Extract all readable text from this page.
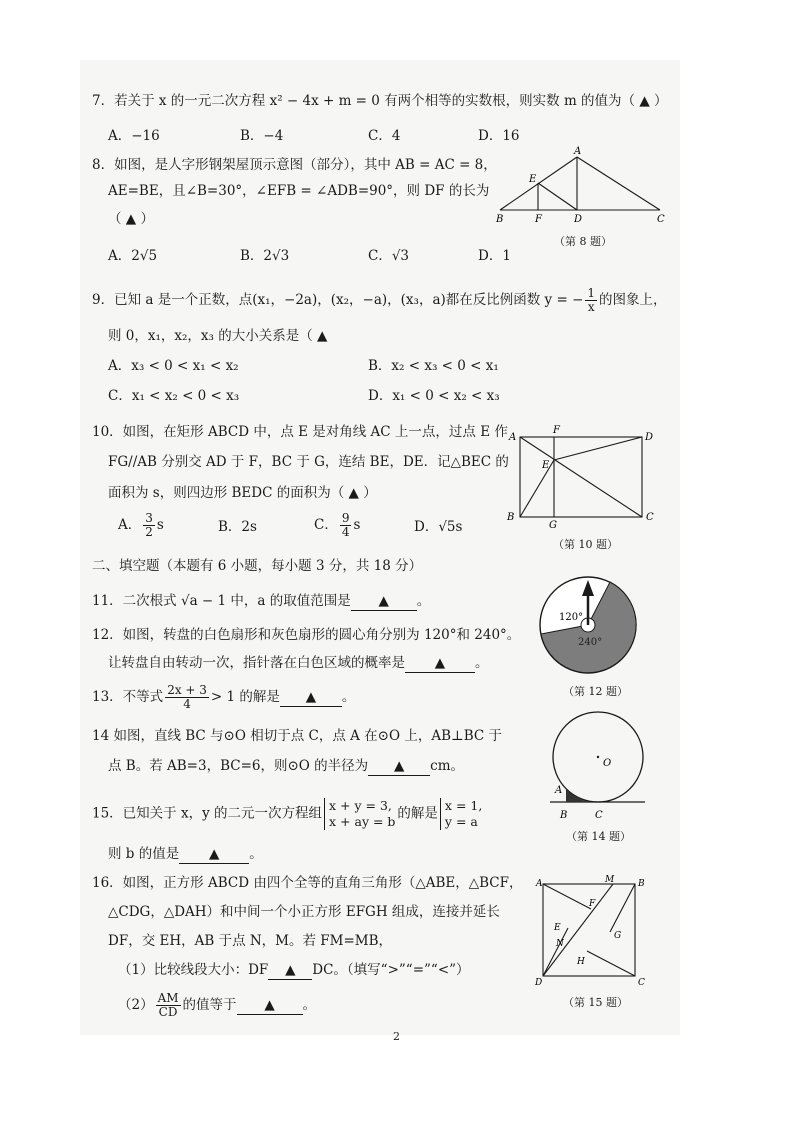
7．若关于 x 的一元二次方程 x² − 4x + m = 0 有两个相等的实数根，则实数 m 的值为（ ▲ ）
A．−16	B．−4	C．4	D．16
8．如图，是人字形钢架屋顶示意图（部分），其中 AB = AC = 8，
AE=BE，且∠B=30°，∠EFB = ∠ADB=90°，则 DF 的长为
（ ▲ ）
A．2√5	B．2√3	C．√3	D．1
A
E
B	F	D	C
（第 8 题）
9．已知 a 是一个正数，点(x₁，−2a)，(x₂，−a)，(x₃，a)都在反比例函数 y = − $\frac{1}{x}$ 的图象上，
则 0，x₁，x₂，x₃ 的大小关系是（ ▲
A．x₃ < 0 < x₁ < x₂	B．x₂ < x₃ < 0 < x₁
C．x₁ < x₂ < 0 < x₃	D．x₁ < 0 < x₂ < x₃
10．如图，在矩形 ABCD 中，点 E 是对角线 AC 上一点，过点 E 作
FG//AB 分别交 AD 于 F，BC 于 G，连结 BE，DE．记△BEC 的
面积为 s，则四边形 BEDC 的面积为（ ▲ ）
A． $\frac{3}{2}$ s	B．2s	C． $\frac{9}{4}$ s	D．√5s
A
F
D
E
B
G
C
（第 10 题）
二、填空题（本题有 6 小题，每小题 3 分，共 18 分）
11．二次根式 √a − 1 中，a 的取值范围是 ▲ 。
12．如图，转盘的白色扇形和灰色扇形的圆心角分别为 120°和 240°。
让转盘自由转动一次，指针落在白色区域的概率是 ▲ 。
120°
240°
（第 12 题）
13．不等式 $\frac{2x + 3}{4} > 1$ 的解是 ▲ 。
14 如图，直线 BC 与⊙O 相切于点 C，点 A 在⊙O 上，AB⊥BC 于
点 B。若 AB=3，BC=6，则⊙O 的半径为 ▲ cm。	O
A
B	C
（第 14 题）
15．已知关于 x，y 的二元一次方程组 x + y = 3,
x + ay = b 的解是 x = 1,
y = a
则 b 的值是 ▲ 。
16．如图，正方形 ABCD 由四个全等的直角三角形（△ABE，△BCF，
△CDG，△DAH）和中间一个小正方形 EFGH 组成，连接并延长
DF，交 EH，AB 于点 N，M。若 FM=MB，
（1）比较线段大小：DF ▲ DC。（填写“>”“=”“<”）
$(2) \frac{AM}{CD}$ 的值等于 ▲ 。
A	M	B
F
E
N
G
H
D	C
（第 15 题）
2
